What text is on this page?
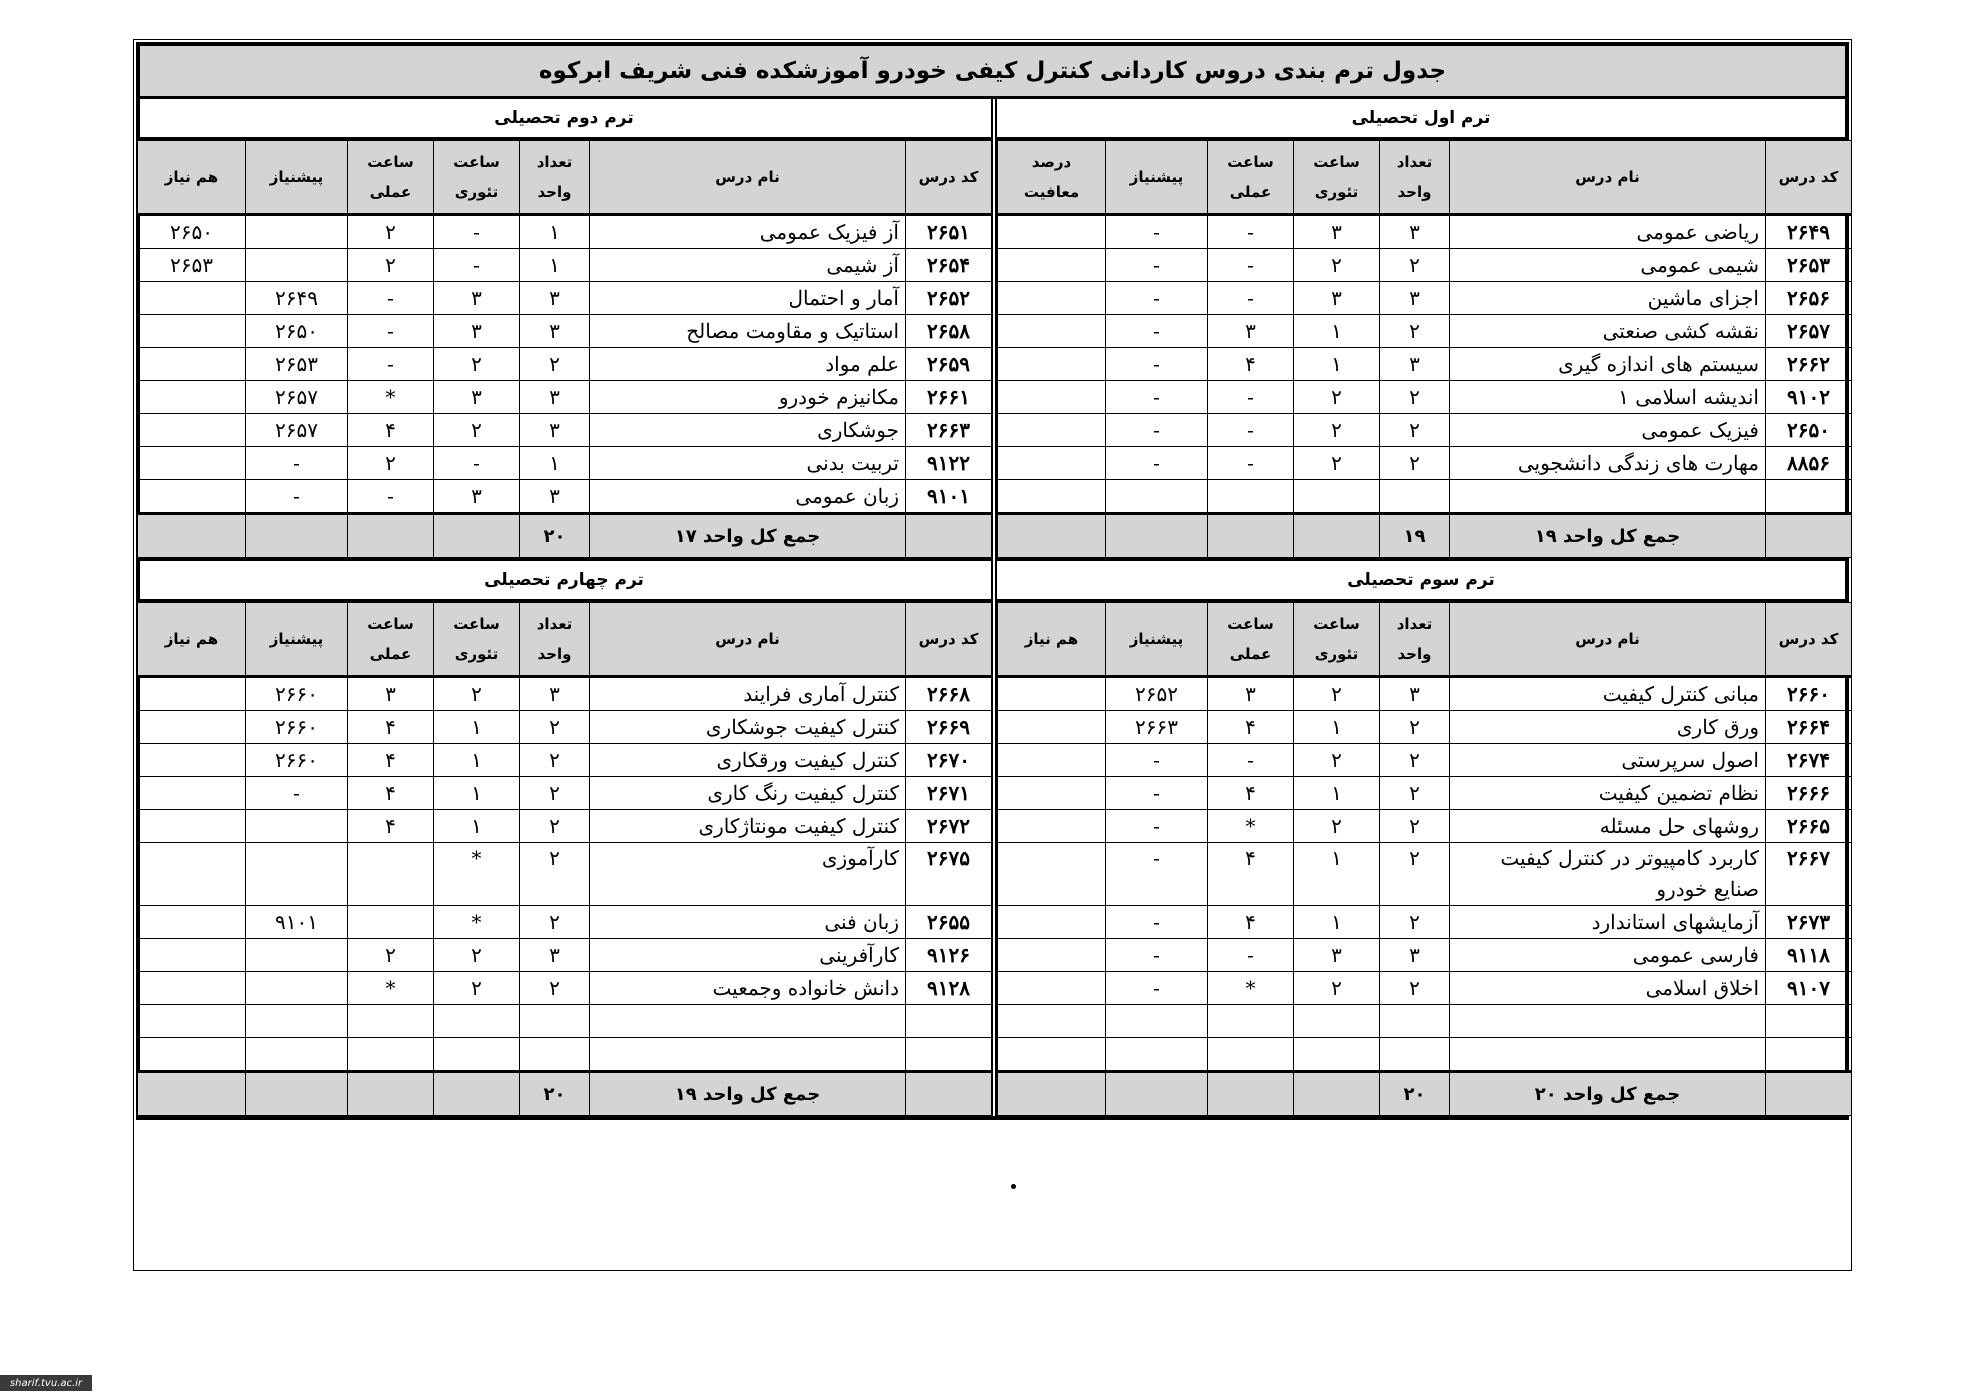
جدول ترم بندی دروس کاردانی کنترل کیفی خودرو آموزشکده فنی شریف ابرکوه
ترم اول تحصیلی
کد درس	نام درس	تعداد واحد	ساعت تئوری	ساعت عملی	پیشنیاز	درصد معافیت
۲۶۴۹	ریاضی عمومی	۳	۳	-	-	
۲۶۵۳	شیمی عمومی	۲	۲	-	-	
۲۶۵۶	اجزای ماشین	۳	۳	-	-	
۲۶۵۷	نقشه کشی صنعتی	۲	۱	۳	-	
۲۶۶۲	سیستم های اندازه گیری	۳	۱	۴	-	
۹۱۰۲	اندیشه اسلامی ۱	۲	۲	-	-	
۲۶۵۰	فیزیک عمومی	۲	۲	-	-	
۸۸۵۶	مهارت های زندگی دانشجویی	۲	۲	-	-	

	جمع کل واحد ۱۹	۱۹				
ترم دوم تحصیلی
کد درس	نام درس	تعداد واحد	ساعت تئوری	ساعت عملی	پیشنیاز	هم نیاز
۲۶۵۱	آز فیزیک عمومی	۱	-	۲		۲۶۵۰
۲۶۵۴	آز شیمی	۱	-	۲		۲۶۵۳
۲۶۵۲	آمار و احتمال	۳	۳	-	۲۶۴۹	
۲۶۵۸	استاتیک و مقاومت مصالح	۳	۳	-	۲۶۵۰	
۲۶۵۹	علم مواد	۲	۲	-	۲۶۵۳	
۲۶۶۱	مکانیزم خودرو	۳	۳	*	۲۶۵۷	
۲۶۶۳	جوشکاری	۳	۲	۴	۲۶۵۷	
۹۱۲۲	تربیت بدنی	۱	-	۲	-	
۹۱۰۱	زبان عمومی	۳	۳	-	-	
	جمع کل واحد ۱۷	۲۰				
ترم سوم تحصیلی
کد درس	نام درس	تعداد واحد	ساعت تئوری	ساعت عملی	پیشنیاز	هم نیاز
۲۶۶۰	مبانی کنترل کیفیت	۳	۲	۳	۲۶۵۲	
۲۶۶۴	ورق کاری	۲	۱	۴	۲۶۶۳	
۲۶۷۴	اصول سرپرستی	۲	۲	-	-	
۲۶۶۶	نظام تضمین کیفیت	۲	۱	۴	-	
۲۶۶۵	روشهای حل مسئله	۲	۲	*	-	
۲۶۶۷	کاربرد کامپیوتر در کنترل کیفیت صنایع خودرو	۲	۱	۴	-	
۲۶۷۳	آزمایشهای استاندارد	۲	۱	۴	-	
۹۱۱۸	فارسی عمومی	۳	۳	-	-	
۹۱۰۷	اخلاق اسلامی	۲	۲	*	-	

	جمع کل واحد ۲۰	۲۰				
ترم چهارم تحصیلی
کد درس	نام درس	تعداد واحد	ساعت تئوری	ساعت عملی	پیشنیاز	هم نیاز
۲۶۶۸	کنترل آماری فرایند	۳	۲	۳	۲۶۶۰	
۲۶۶۹	کنترل کیفیت جوشکاری	۲	۱	۴	۲۶۶۰	
۲۶۷۰	کنترل کیفیت ورقکاری	۲	۱	۴	۲۶۶۰	
۲۶۷۱	کنترل کیفیت رنگ کاری	۲	۱	۴	-	
۲۶۷۲	کنترل کیفیت مونتاژکاری	۲	۱	۴		
۲۶۷۵	کارآموزی	۲	*			
۲۶۵۵	زبان فنی	۲	*		۹۱۰۱	
۹۱۲۶	کارآفرینی	۳	۲	۲		
۹۱۲۸	دانش خانواده وجمعیت	۲	۲	*		

	جمع کل واحد ۱۹	۲۰				
sharif.tvu.ac.ir
